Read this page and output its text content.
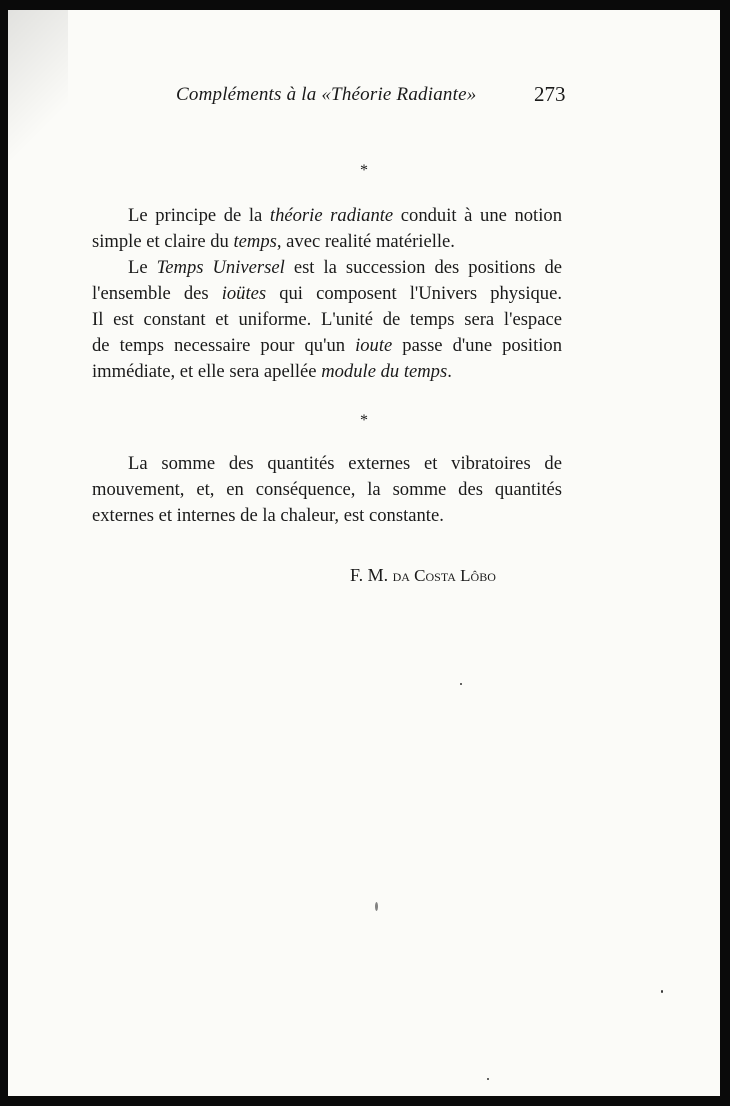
Compléments à la «Théorie Radiante»	273
*
Le principe de la théorie radiante conduit à une notion
simple et claire du temps, avec realité matérielle.
Le Temps Universel est la succession des positions de
l'ensemble des ioütes qui composent l'Univers physique.
Il est constant et uniforme. L'unité de temps sera l'espace
de temps necessaire pour qu'un ioute passe d'une position
immédiate, et elle sera apellée module du temps.
*
La somme des quantités externes et vibratoires de
mouvement, et, en conséquence, la somme des quantités
externes et internes de la chaleur, est constante.
F. M. da Costa Lôbo
